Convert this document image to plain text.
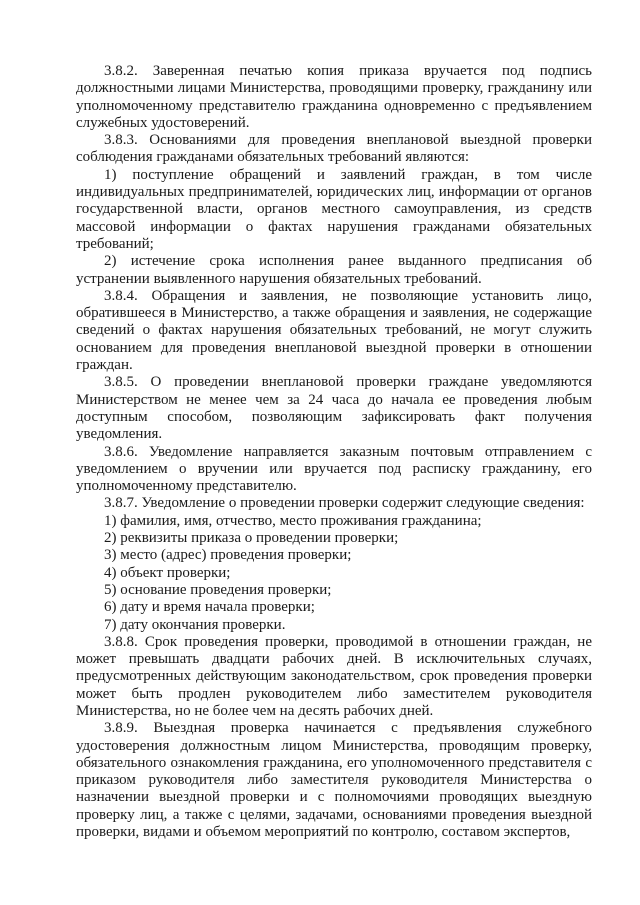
3.8.2. Заверенная печатью копия приказа вручается под подпись должностными лицами Министерства, проводящими проверку, гражданину или уполномоченному представителю гражданина одновременно с предъявлением служебных удостоверений.

3.8.3. Основаниями для проведения внеплановой выездной проверки соблюдения гражданами обязательных требований являются:

1) поступление обращений и заявлений граждан, в том числе индивидуальных предпринимателей, юридических лиц, информации от органов государственной власти, органов местного самоуправления, из средств массовой информации о фактах нарушения гражданами обязательных требований;

2) истечение срока исполнения ранее выданного предписания об устранении выявленного нарушения обязательных требований.

3.8.4. Обращения и заявления, не позволяющие установить лицо, обратившееся в Министерство, а также обращения и заявления, не содержащие сведений о фактах нарушения обязательных требований, не могут служить основанием для проведения внеплановой выездной проверки в отношении граждан.

3.8.5. О проведении внеплановой проверки граждане уведомляются Министерством не менее чем за 24 часа до начала ее проведения любым доступным способом, позволяющим зафиксировать факт получения уведомления.

3.8.6. Уведомление направляется заказным почтовым отправлением с уведомлением о вручении или вручается под расписку гражданину, его уполномоченному представителю.

3.8.7. Уведомление о проведении проверки содержит следующие сведения:

1) фамилия, имя, отчество, место проживания гражданина;

2) реквизиты приказа о проведении проверки;

3) место (адрес) проведения проверки;

4) объект проверки;

5) основание проведения проверки;

6) дату и время начала проверки;

7) дату окончания проверки.

3.8.8. Срок проведения проверки, проводимой в отношении граждан, не может превышать двадцати рабочих дней. В исключительных случаях, предусмотренных действующим законодательством, срок проведения проверки может быть продлен руководителем либо заместителем руководителя Министерства, но не более чем на десять рабочих дней.

3.8.9. Выездная проверка начинается с предъявления служебного удостоверения должностным лицом Министерства, проводящим проверку, обязательного ознакомления гражданина, его уполномоченного представителя с приказом руководителя либо заместителя руководителя Министерства о назначении выездной проверки и с полномочиями проводящих выездную проверку лиц, а также с целями, задачами, основаниями проведения выездной проверки, видами и объемом мероприятий по контролю, составом экспертов,
